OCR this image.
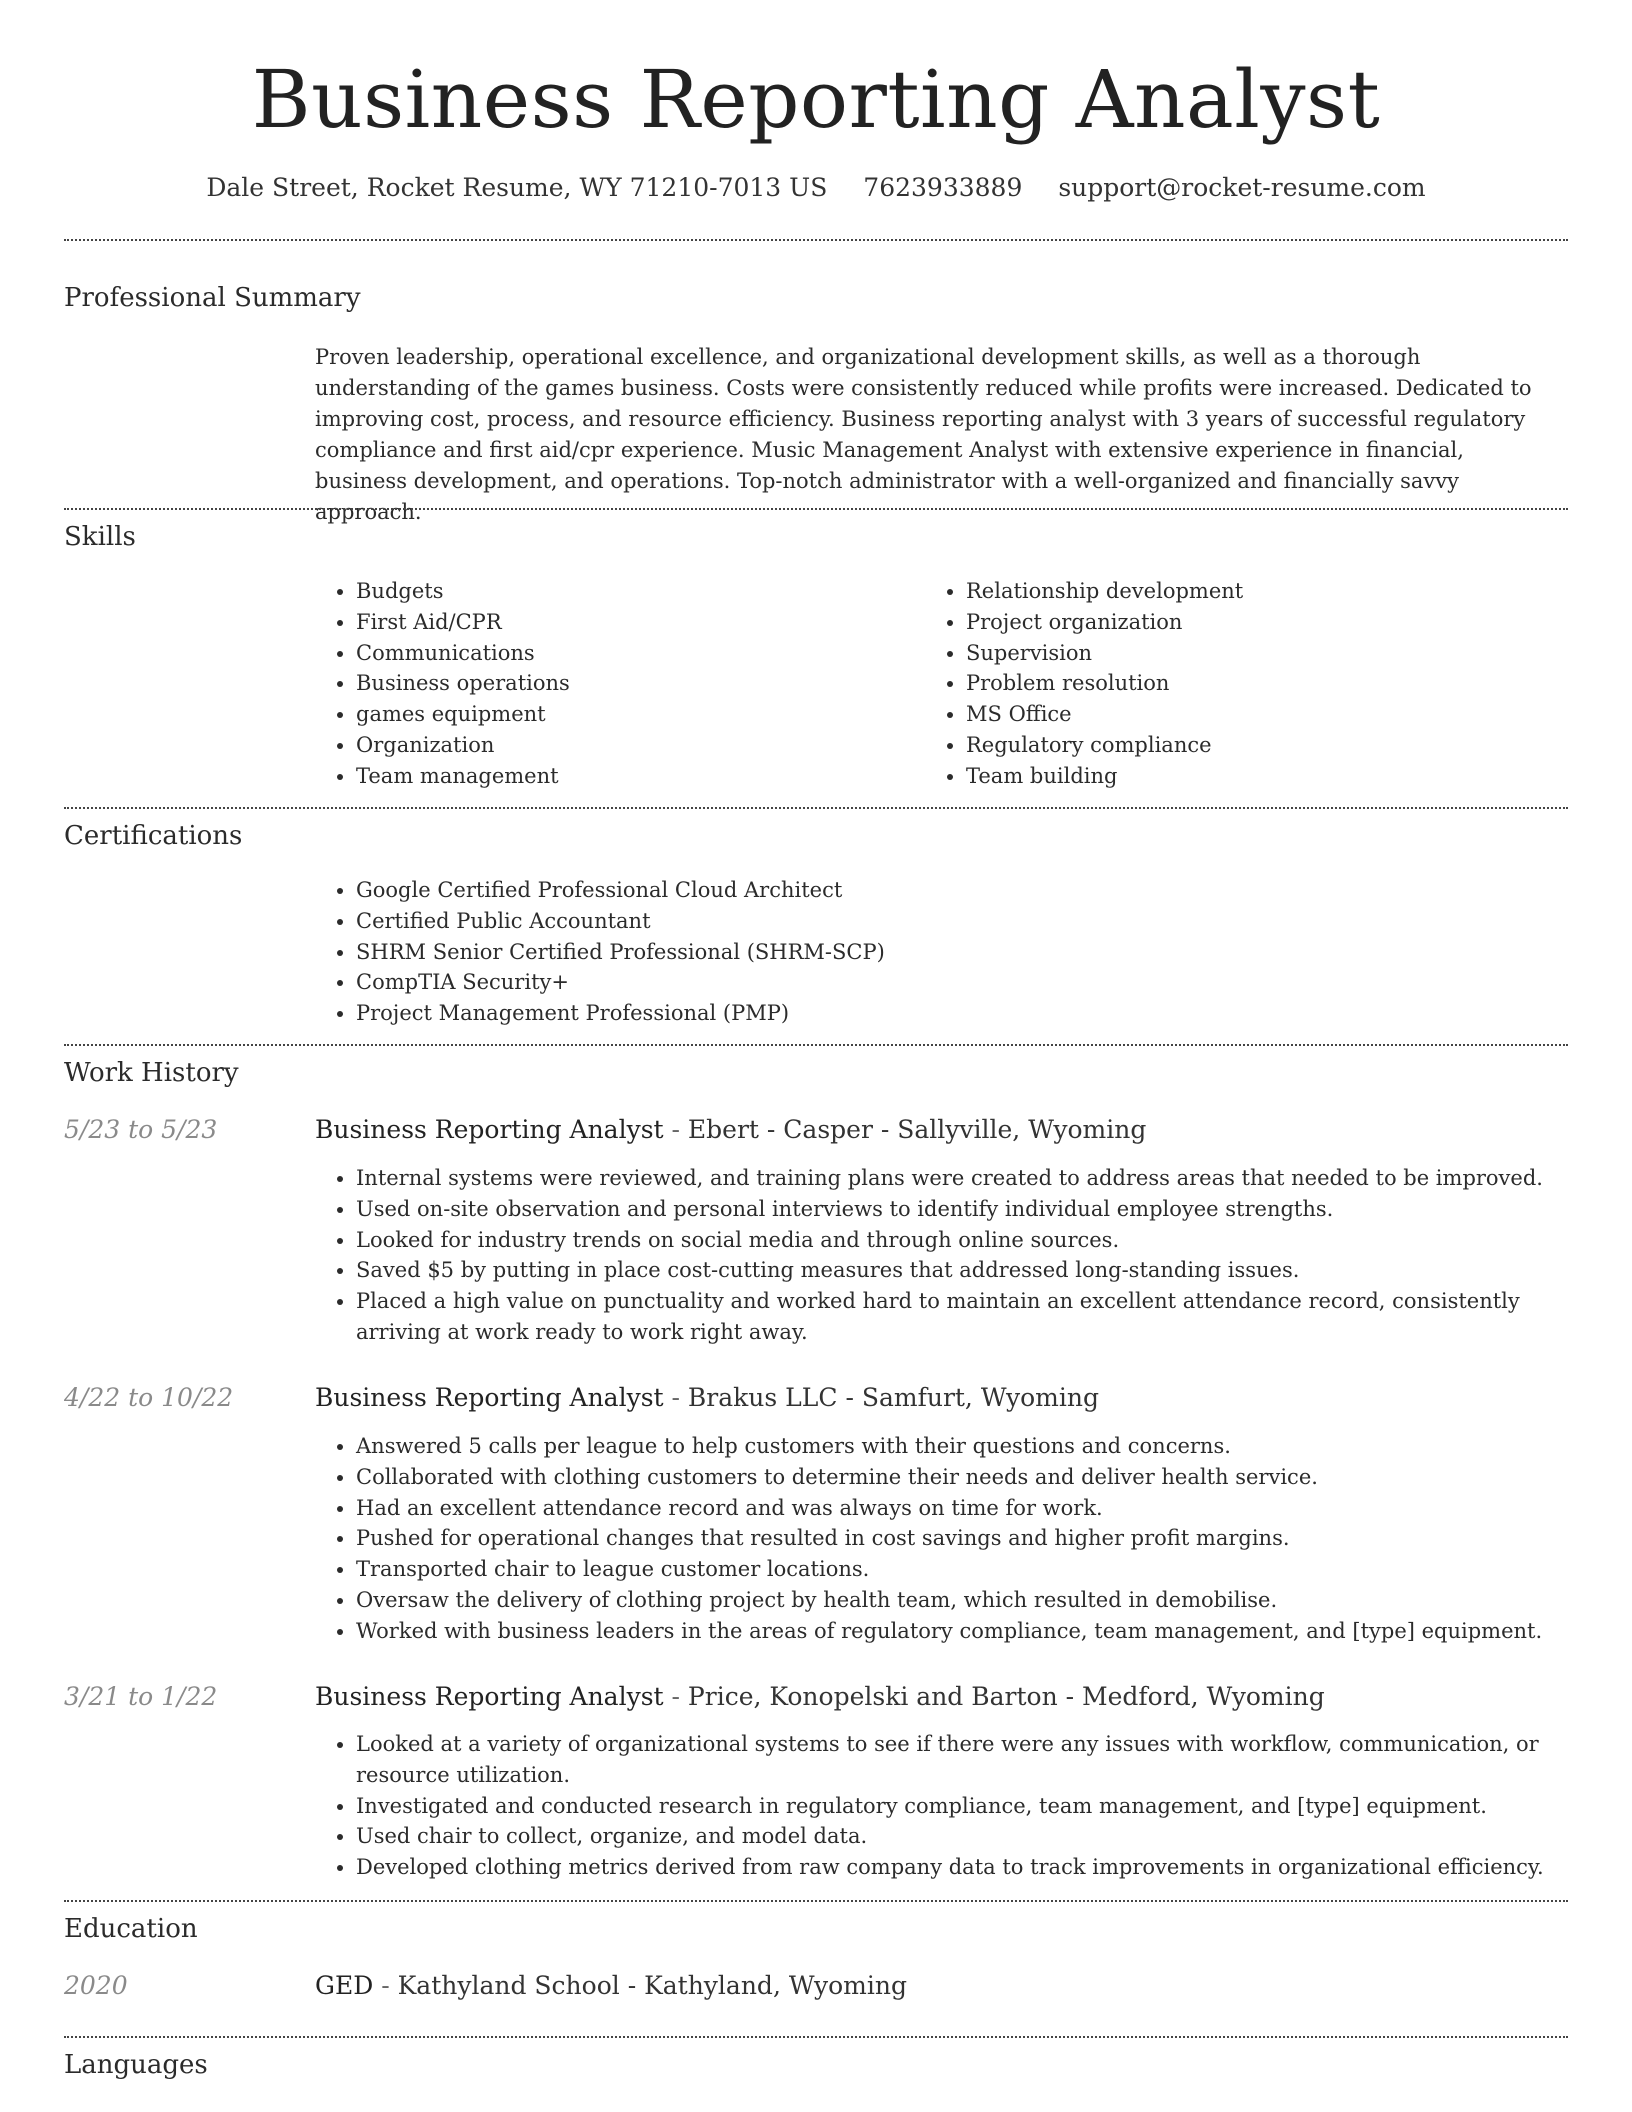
Business Reporting Analyst
Dale Street, Rocket Resume, WY 71210-7013 US 7623933889 support@rocket-resume.com
Professional Summary

Proven leadership, operational excellence, and organizational development skills, as well as a thorough understanding of the games business. Costs were consistently reduced while profits were increased. Dedicated to improving cost, process, and resource efficiency. Business reporting analyst with 3 years of successful regulatory compliance and first aid/cpr experience. Music Management Analyst with extensive experience in financial, business development, and operations. Top-notch administrator with a well-organized and financially savvy approach.

Skills
• Budgets
• First Aid/CPR
• Communications
• Business operations
• games equipment
• Organization
• Team management
• Relationship development
• Project organization
• Supervision
• Problem resolution
• MS Office
• Regulatory compliance
• Team building
Certifications
• Google Certified Professional Cloud Architect
• Certified Public Accountant
• SHRM Senior Certified Professional (SHRM-SCP)
• CompTIA Security+
• Project Management Professional (PMP)
Work History
5/23 to 5/23	Business Reporting Analyst - Ebert - Casper - Sallyville, Wyoming
• Internal systems were reviewed, and training plans were created to address areas that needed to be improved.
• Used on-site observation and personal interviews to identify individual employee strengths.
• Looked for industry trends on social media and through online sources.
• Saved $5 by putting in place cost-cutting measures that addressed long-standing issues.
• Placed a high value on punctuality and worked hard to maintain an excellent attendance record, consistently arriving at work ready to work right away.
4/22 to 10/22	Business Reporting Analyst - Brakus LLC - Samfurt, Wyoming
• Answered 5 calls per league to help customers with their questions and concerns.
• Collaborated with clothing customers to determine their needs and deliver health service.
• Had an excellent attendance record and was always on time for work.
• Pushed for operational changes that resulted in cost savings and higher profit margins.
• Transported chair to league customer locations.
• Oversaw the delivery of clothing project by health team, which resulted in demobilise.
• Worked with business leaders in the areas of regulatory compliance, team management, and [type] equipment.
3/21 to 1/22	Business Reporting Analyst - Price, Konopelski and Barton - Medford, Wyoming
• Looked at a variety of organizational systems to see if there were any issues with workflow, communication, or resource utilization.
• Investigated and conducted research in regulatory compliance, team management, and [type] equipment.
• Used chair to collect, organize, and model data.
• Developed clothing metrics derived from raw company data to track improvements in organizational efficiency.
Education
2020	GED - Kathyland School - Kathyland, Wyoming
Languages
